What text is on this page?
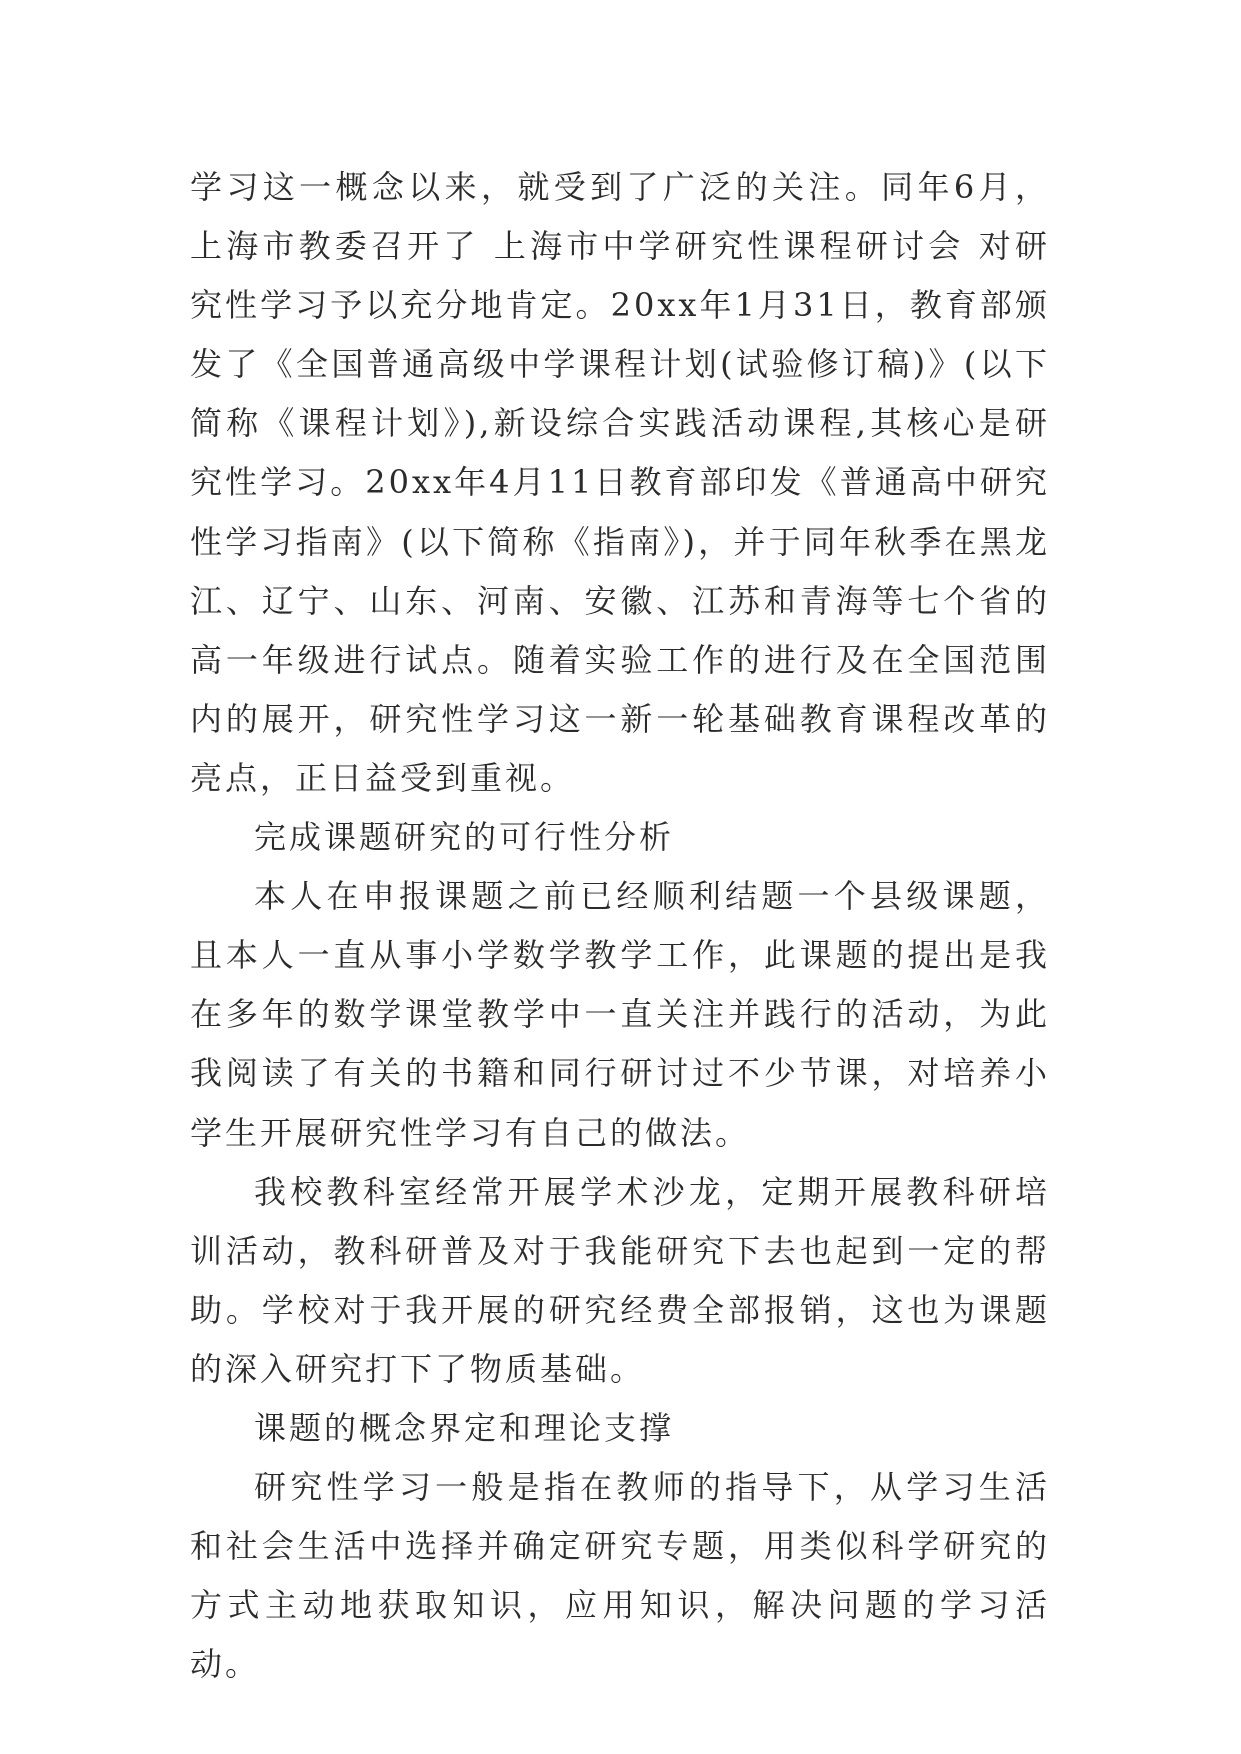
学习这一概念以来，就受到了广泛的关注。同年6月，上海市教委召开了 上海市中学研究性课程研讨会 对研究性学习予以充分地肯定。20xx年1月31日，教育部颁发了《全国普通高级中学课程计划(试验修订稿)》(以下简称《课程计划》),新设综合实践活动课程,其核心是研究性学习。20xx年4月11日教育部印发《普通高中研究性学习指南》(以下简称《指南》)，并于同年秋季在黑龙江、辽宁、山东、河南、安徽、江苏和青海等七个省的高一年级进行试点。随着实验工作的进行及在全国范围内的展开，研究性学习这一新一轮基础教育课程改革的亮点，正日益受到重视。

完成课题研究的可行性分析

本人在申报课题之前已经顺利结题一个县级课题，且本人一直从事小学数学教学工作，此课题的提出是我在多年的数学课堂教学中一直关注并践行的活动，为此我阅读了有关的书籍和同行研讨过不少节课，对培养小学生开展研究性学习有自己的做法。

我校教科室经常开展学术沙龙，定期开展教科研培训活动，教科研普及对于我能研究下去也起到一定的帮助。学校对于我开展的研究经费全部报销，这也为课题的深入研究打下了物质基础。

课题的概念界定和理论支撑

研究性学习一般是指在教师的指导下，从学习生活和社会生活中选择并确定研究专题，用类似科学研究的方式主动地获取知识，应用知识，解决问题的学习活动。
